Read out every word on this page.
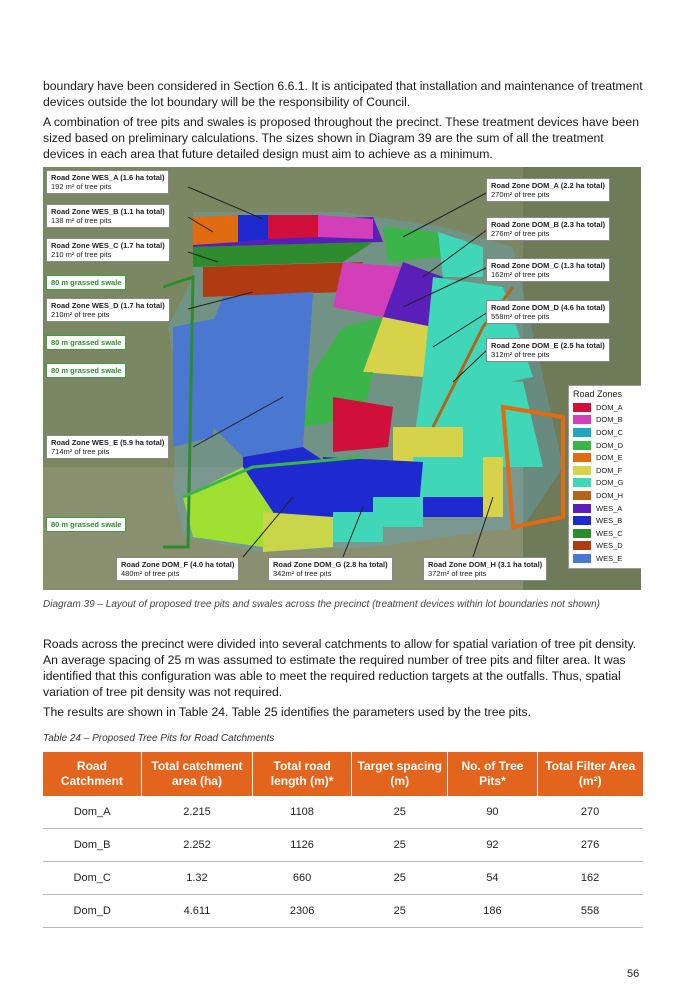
boundary have been considered in Section 6.6.1. It is anticipated that installation and maintenance of treatment devices outside the lot boundary will be the responsibility of Council.

A combination of tree pits and swales is proposed throughout the precinct. These treatment devices have been sized based on preliminary calculations. The sizes shown in Diagram 39 are the sum of all the treatment devices in each area that future detailed design must aim to achieve as a minimum.

Road Zone WES_A (1.6 ha total)
192 m² of tree pits
Road Zone WES_B (1.1 ha total)
138 m² of tree pits
Road Zone WES_C (1.7 ha total)
210 m² of tree pits
80 m grassed swale
Road Zone WES_D (1.7 ha total)
210m² of tree pits
80 m grassed swale
80 m grassed swale
Road Zone WES_E (5.9 ha total)
714m² of tree pits
80 m grassed swale
Road Zone DOM_A (2.2 ha total)
270m² of tree pits
Road Zone DOM_B (2.3 ha total)
276m² of tree pits
Road Zone DOM_C (1.3 ha total)
162m² of tree pits
Road Zone DOM_D (4.6 ha total)
558m² of tree pits
Road Zone DOM_E (2.5 ha total)
312m² of tree pits
Road Zone DOM_F (4.0 ha total)
480m² of tree pits
Road Zone DOM_G (2.8 ha total)
342m² of tree pits
Road Zone DOM_H (3.1 ha total)
372m² of tree pits
Road Zones
DOM_A
DOM_B
DOM_C
DOM_D
DOM_E
DOM_F
DOM_G
DOM_H
WES_A
WES_B
WES_C
WES_D
WES_E
Diagram 39 – Layout of proposed tree pits and swales across the precinct (treatment devices within lot boundaries not shown)

Roads across the precinct were divided into several catchments to allow for spatial variation of tree pit density. An average spacing of 25 m was assumed to estimate the required number of tree pits and filter area. It was identified that this configuration was able to meet the required reduction targets at the outfalls. Thus, spatial variation of tree pit density was not required.

The results are shown in Table 24. Table 25 identifies the parameters used by the tree pits.

Table 24 – Proposed Tree Pits for Road Catchments
Road Catchment	Total catchment area (ha)	Total road length (m)*	Target spacing (m)	No. of Tree Pits*	Total Filter Area (m²)
Dom_A	2.215	1108	25	90	270
Dom_B	2.252	1126	25	92	276
Dom_C	1.32	660	25	54	162
Dom_D	4.611	2306	25	186	558
56
